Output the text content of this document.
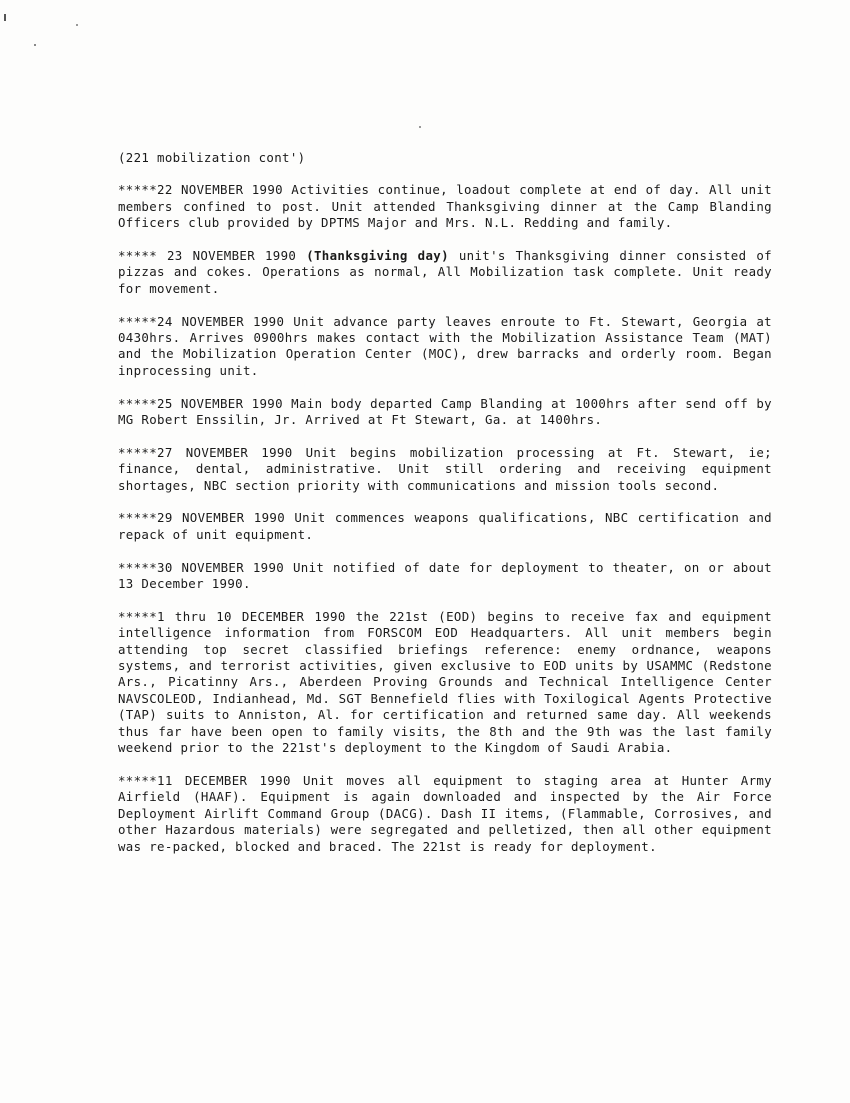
(221 mobilization cont')

*****22 NOVEMBER 1990 Activities continue, loadout complete at end of day. All unit members confined to post. Unit attended Thanksgiving dinner at the Camp Blanding Officers club provided by DPTMS Major and Mrs. N.L. Redding and family.

***** 23 NOVEMBER 1990 (Thanksgiving day) unit's Thanksgiving dinner consisted of pizzas and cokes. Operations as normal, All Mobilization task complete. Unit ready for movement.

*****24 NOVEMBER 1990 Unit advance party leaves enroute to Ft. Stewart, Georgia at 0430hrs. Arrives 0900hrs makes contact with the Mobilization Assistance Team (MAT) and the Mobilization Operation Center (MOC), drew barracks and orderly room. Began inprocessing unit.

*****25 NOVEMBER 1990 Main body departed Camp Blanding at 1000hrs after send off by MG Robert Enssilin, Jr. Arrived at Ft Stewart, Ga. at 1400hrs.

*****27 NOVEMBER 1990 Unit begins mobilization processing at Ft. Stewart, ie; finance, dental, administrative. Unit still ordering and receiving equipment shortages, NBC section priority with communications and mission tools second.

*****29 NOVEMBER 1990 Unit commences weapons qualifications, NBC certification and repack of unit equipment.

*****30 NOVEMBER 1990 Unit notified of date for deployment to theater, on or about 13 December 1990.

*****1 thru 10 DECEMBER 1990 the 221st (EOD) begins to receive fax and equipment intelligence information from FORSCOM EOD Headquarters. All unit members begin attending top secret classified briefings reference: enemy ordnance, weapons systems, and terrorist activities, given exclusive to EOD units by USAMMC (Redstone Ars., Picatinny Ars., Aberdeen Proving Grounds and Technical Intelligence Center NAVSCOLEOD, Indianhead, Md. SGT Bennefield flies with Toxilogical Agents Protective (TAP) suits to Anniston, Al. for certification and returned same day. All weekends thus far have been open to family visits, the 8th and the 9th was the last family weekend prior to the 221st's deployment to the Kingdom of Saudi Arabia.

*****11 DECEMBER 1990 Unit moves all equipment to staging area at Hunter Army Airfield (HAAF). Equipment is again downloaded and inspected by the Air Force Deployment Airlift Command Group (DACG). Dash II items, (Flammable, Corrosives, and other Hazardous materials) were segregated and pelletized, then all other equipment was re-packed, blocked and braced. The 221st is ready for deployment.
